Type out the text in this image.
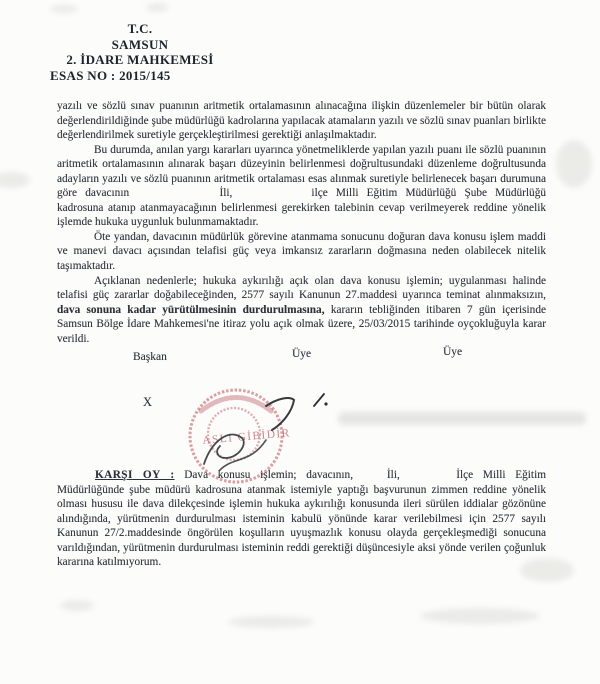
T.C.
SAMSUN
2. İDARE MAHKEMESİ
ESAS NO : 2015/145

yazılı ve sözlü sınav puanının aritmetik ortalamasının alınacağına ilişkin düzenlemeler bir bütün olarak değerlendirildiğinde şube müdürlüğü kadrolarına yapılacak atamaların yazılı ve sözlü sınav puanları birlikte değerlendirilmek suretiyle gerçekleştirilmesi gerektiği anlaşılmaktadır.

Bu durumda, anılan yargı kararları uyarınca yönetmeliklerde yapılan yazılı puanı ile sözlü puanının aritmetik ortalamasının alınarak başarı düzeyinin belirlenmesi doğrultusundaki düzenleme doğrultusunda adayların yazılı ve sözlü puanının aritmetik ortalaması esas alınmak suretiyle belirlenecek başarı durumuna göre davacının        İli,       ilçe Milli Eğitim Müdürlüğü Şube Müdürlüğü kadrosuna atanıp atanmayacağının belirlenmesi gerekirken talebinin cevap verilmeyerek reddine yönelik işlemde hukuka uygunluk bulunmamaktadır.

Öte yandan, davacının müdürlük görevine atanmama sonucunu doğuran dava konusu işlem maddi ve manevi davacı açısından telafisi güç veya imkansız zararların doğmasına neden olabilecek nitelik taşımaktadır.

Açıklanan nedenlerle; hukuka aykırılığı açık olan dava konusu işlemin; uygulanması halinde telafisi güç zararlar doğabileceğinden, 2577 sayılı Kanunun 27.maddesi uyarınca teminat alınmaksızın, dava sonuna kadar yürütülmesinin durdurulmasına, kararın tebliğinden itibaren 7 gün içerisinde Samsun Bölge İdare Mahkemesi'ne itiraz yolu açık olmak üzere, 25/03/2015 tarihinde oyçokluğuyla karar verildi.

Başkan	Üye	Üye
X
ASLI GİBİDİR

KARŞI OY : Dava konusu işlemin; davacının,   İli,     İlçe Milli Eğitim Müdürlüğünde şube müdürü kadrosuna atanmak istemiyle yaptığı başvurunun zimmen reddine yönelik olması hususu ile dava dilekçesinde işlemin hukuka aykırılığı konusunda ileri sürülen iddialar gözönüne alındığında, yürütmenin durdurulması isteminin kabulü yönünde karar verilebilmesi için 2577 sayılı Kanunun 27/2.maddesinde öngörülen koşulların uyuşmazlık konusu olayda gerçekleşmediği sonucuna varıldığından, yürütmenin durdurulması isteminin reddi gerektiği düşüncesiyle aksi yönde verilen çoğunluk kararına katılmıyorum.
